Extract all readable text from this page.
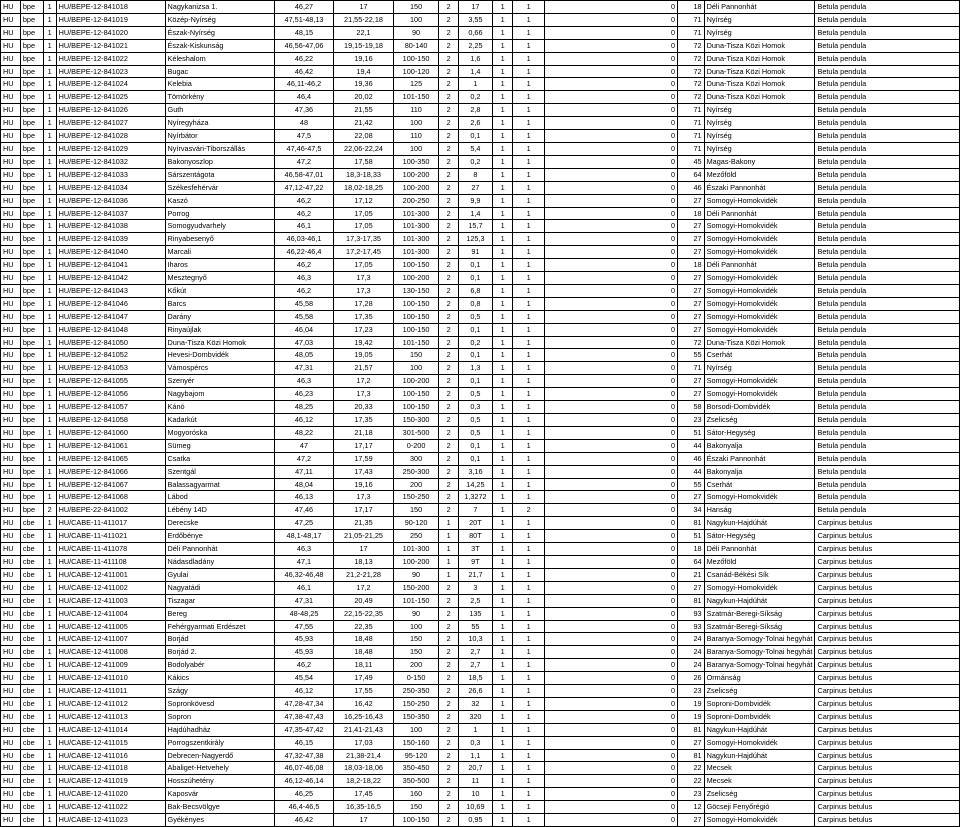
HU	bpe	1	HU/BEPE-12-841018	Nagykanizsa 1.	46,27	17	150	2	17	1	1	0	18	Déli Pannonhát	Betula pendula
HU	bpe	1	HU/BEPE-12-841019	Közép-Nyírség	47,51-48,13	21,55-22,18	100	2	3,55	1	1	0	71	Nyírség	Betula pendula
HU	bpe	1	HU/BEPE-12-841020	Észak-Nyírség	48,15	22,1	90	2	0,66	1	1	0	71	Nyírség	Betula pendula
HU	bpe	1	HU/BEPE-12-841021	Észak-Kiskunság	46,56-47,06	19,15-19,18	80-140	2	2,25	1	1	0	72	Duna-Tisza Közi Homok	Betula pendula
HU	bpe	1	HU/BEPE-12-841022	Kéleshalom	46,22	19,16	100-150	2	1,6	1	1	0	72	Duna-Tisza Közi Homok	Betula pendula
HU	bpe	1	HU/BEPE-12-841023	Bugac	46,42	19,4	100-120	2	1,4	1	1	0	72	Duna-Tisza Közi Homok	Betula pendula
HU	bpe	1	HU/BEPE-12-841024	Kelebia	46,11-46,2	19,36	125	2	1	1	1	0	72	Duna-Tisza Közi Homok	Betula pendula
HU	bpe	1	HU/BEPE-12-841025	Tömörkény	46,4	20,02	101-150	2	0,2	1	1	0	72	Duna-Tisza Közi Homok	Betula pendula
HU	bpe	1	HU/BEPE-12-841026	Guth	47,36	21,55	110	2	2,8	1	1	0	71	Nyírség	Betula pendula
HU	bpe	1	HU/BEPE-12-841027	Nyíregyháza	48	21,42	100	2	2,6	1	1	0	71	Nyírség	Betula pendula
HU	bpe	1	HU/BEPE-12-841028	Nyírbátor	47,5	22,08	110	2	0,1	1	1	0	71	Nyírség	Betula pendula
HU	bpe	1	HU/BEPE-12-841029	Nyírvasvári-Tiborszállás	47,46-47,5	22,06-22,24	100	2	5,4	1	1	0	71	Nyírség	Betula pendula
HU	bpe	1	HU/BEPE-12-841032	Bakonyoszlop	47,2	17,58	100-350	2	0,2	1	1	0	45	Magas-Bakony	Betula pendula
HU	bpe	1	HU/BEPE-12-841033	Sárszentágota	46,58-47,01	18,3-18,33	100-200	2	8	1	1	0	64	Mezőföld	Betula pendula
HU	bpe	1	HU/BEPE-12-841034	Székesfehérvár	47,12-47,22	18,02-18,25	100-200	2	27	1	1	0	46	Északi Pannonhát	Betula pendula
HU	bpe	1	HU/BEPE-12-841036	Kaszó	46,2	17,12	200-250	2	9,9	1	1	0	27	Somogyi-Homokvidék	Betula pendula
HU	bpe	1	HU/BEPE-12-841037	Porrog	46,2	17,05	101-300	2	1,4	1	1	0	18	Déli Pannonhát	Betula pendula
HU	bpe	1	HU/BEPE-12-841038	Somogyudvarhely	46,1	17,05	101-300	2	15,7	1	1	0	27	Somogyi-Homokvidék	Betula pendula
HU	bpe	1	HU/BEPE-12-841039	Rinyabesenyő	46,03-46,1	17,3-17,35	101-300	2	125,3	1	1	0	27	Somogyi-Homokvidék	Betula pendula
HU	bpe	1	HU/BEPE-12-841040	Marcali	46,22-46,4	17,2-17,45	101-300	2	91	1	1	0	27	Somogyi-Homokvidék	Betula pendula
HU	bpe	1	HU/BEPE-12-841041	Iharos	46,2	17,05	100-150	2	0,1	1	1	0	18	Déli Pannonhát	Betula pendula
HU	bpe	1	HU/BEPE-12-841042	Mesztegnyő	46,3	17,3	100-200	2	0,1	1	1	0	27	Somogyi-Homokvidék	Betula pendula
HU	bpe	1	HU/BEPE-12-841043	Kőkút	46,2	17,3	130-150	2	6,8	1	1	0	27	Somogyi-Homokvidék	Betula pendula
HU	bpe	1	HU/BEPE-12-841046	Barcs	45,58	17,28	100-150	2	0,8	1	1	0	27	Somogyi-Homokvidék	Betula pendula
HU	bpe	1	HU/BEPE-12-841047	Darány	45,58	17,35	100-150	2	0,5	1	1	0	27	Somogyi-Homokvidék	Betula pendula
HU	bpe	1	HU/BEPE-12-841048	Rinyaújlak	46,04	17,23	100-150	2	0,1	1	1	0	27	Somogyi-Homokvidék	Betula pendula
HU	bpe	1	HU/BEPE-12-841050	Duna-Tisza Közi Homok	47,03	19,42	101-150	2	0,2	1	1	0	72	Duna-Tisza Közi Homok	Betula pendula
HU	bpe	1	HU/BEPE-12-841052	Hevesi-Dombvidék	48,05	19,05	150	2	0,1	1	1	0	55	Cserhát	Betula pendula
HU	bpe	1	HU/BEPE-12-841053	Vámospércs	47,31	21,57	100	2	1,3	1	1	0	71	Nyírség	Betula pendula
HU	bpe	1	HU/BEPE-12-841055	Szenyér	46,3	17,2	100-200	2	0,1	1	1	0	27	Somogyi-Homokvidék	Betula pendula
HU	bpe	1	HU/BEPE-12-841056	Nagybajom	46,23	17,3	100-150	2	0,5	1	1	0	27	Somogyi-Homokvidék	Betula pendula
HU	bpe	1	HU/BEPE-12-841057	Kánó	48,25	20,33	100-150	2	0,3	1	1	0	58	Borsodi-Dombvidék	Betula pendula
HU	bpe	1	HU/BEPE-12-841058	Kadarkút	46,12	17,35	150-300	2	0,5	1	1	0	23	Zselicség	Betula pendula
HU	bpe	1	HU/BEPE-12-841060	Mogyoróska	48,22	21,18	301-500	2	0,5	1	1	0	51	Sátor-Hegység	Betula pendula
HU	bpe	1	HU/BEPE-12-841061	Sümeg	47	17,17	0-200	2	0,1	1	1	0	44	Bakonyalja	Betula pendula
HU	bpe	1	HU/BEPE-12-841065	Csatka	47,2	17,59	300	2	0,1	1	1	0	46	Északi Pannonhát	Betula pendula
HU	bpe	1	HU/BEPE-12-841066	Szentgál	47,11	17,43	250-300	2	3,16	1	1	0	44	Bakonyalja	Betula pendula
HU	bpe	1	HU/BEPE-12-841067	Balassagyarmat	48,04	19,16	200	2	14,25	1	1	0	55	Cserhát	Betula pendula
HU	bpe	1	HU/BEPE-12-841068	Lábod	46,13	17,3	150-250	2	1,3272	1	1	0	27	Somogyi-Homokvidék	Betula pendula
HU	bpe	2	HU/BEPE-22-841002	Lébény 14D	47,46	17,17	150	2	7	1	2	0	34	Hanság	Betula pendula
HU	cbe	1	HU/CABE-11-411017	Derecske	47,25	21,35	90-120	1	20T	1	1	0	81	Nagykun-Hajdúhát	Carpinus betulus
HU	cbe	1	HU/CABE-11-411021	Erdőbénye	48,1-48,17	21,05-21,25	250	1	80T	1	1	0	51	Sátor-Hegység	Carpinus betulus
HU	cbe	1	HU/CABE-11-411078	Déli Pannonhát	46,3	17	101-300	1	3T	1	1	0	18	Déli Pannonhát	Carpinus betulus
HU	cbe	1	HU/CABE-11-411108	Nádasdladány	47,1	18,13	100-200	1	9T	1	1	0	64	Mezőföld	Carpinus betulus
HU	cbe	1	HU/CABE-12-411001	Gyulai	46,32-46,48	21,2-21,28	90	1	21,7	1	1	0	21	Csanád-Békési Sík	Carpinus betulus
HU	cbe	1	HU/CABE-12-411002	Nagyatádi	46,1	17,2	150-200	2	3	1	1	0	27	Somogyi-Homokvidék	Carpinus betulus
HU	cbe	1	HU/CABE-12-411003	Tiszagar	47,31	20,49	101-150	2	2,5	1	1	0	81	Nagykun-Hajdúhát	Carpinus betulus
HU	cbe	1	HU/CABE-12-411004	Bereg	48-48,25	22,15-22,35	90	2	135	1	1	0	93	Szatmár-Beregi-Síkság	Carpinus betulus
HU	cbe	1	HU/CABE-12-411005	Fehérgyarmati Erdészet	47,55	22,35	100	2	55	1	1	0	93	Szatmár-Beregi-Síkság	Carpinus betulus
HU	cbe	1	HU/CABE-12-411007	Borjád	45,93	18,48	150	2	10,3	1	1	0	24	Baranya-Somogy-Tolnai hegyhát	Carpinus betulus
HU	cbe	1	HU/CABE-12-411008	Borjád 2.	45,93	18,48	150	2	2,7	1	1	0	24	Baranya-Somogy-Tolnai hegyhát	Carpinus betulus
HU	cbe	1	HU/CABE-12-411009	Bodolyabér	46,2	18,11	200	2	2,7	1	1	0	24	Baranya-Somogy-Tolnai hegyhát	Carpinus betulus
HU	cbe	1	HU/CABE-12-411010	Kákics	45,54	17,49	0-150	2	18,5	1	1	0	26	Ormánság	Carpinus betulus
HU	cbe	1	HU/CABE-12-411011	Szágy	46,12	17,55	250-350	2	26,6	1	1	0	23	Zselicség	Carpinus betulus
HU	cbe	1	HU/CABE-12-411012	Sopronkövesd	47,28-47,34	16,42	150-250	2	32	1	1	0	19	Soproni-Dombvidék	Carpinus betulus
HU	cbe	1	HU/CABE-12-411013	Sopron	47,38-47,43	16,25-16,43	150-350	2	320	1	1	0	19	Soproni-Dombvidék	Carpinus betulus
HU	cbe	1	HU/CABE-12-411014	Hajdúhadház	47,35-47,42	21,41-21,43	100	2	1	1	1	0	81	Nagykun-Hajdúhát	Carpinus betulus
HU	cbe	1	HU/CABE-12-411015	Porrogszentkirály	46,15	17,03	150-160	2	0,3	1	1	0	27	Somogyi-Homokvidék	Carpinus betulus
HU	cbe	1	HU/CABE-12-411016	Debrecen-Nagyerdő	47,32-47,38	21,38-21,4	95-120	2	1,1	1	1	0	81	Nagykun-Hajdúhát	Carpinus betulus
HU	cbe	1	HU/CABE-12-411018	Abaliget-Hetvehely	46,07-46,08	18,03-18,06	350-450	2	20,7	1	1	0	22	Mecsek	Carpinus betulus
HU	cbe	1	HU/CABE-12-411019	Hosszúhetény	46,12-46,14	18,2-18,22	350-500	2	11	1	1	0	22	Mecsek	Carpinus betulus
HU	cbe	1	HU/CABE-12-411020	Kaposvár	46,25	17,45	160	2	10	1	1	0	23	Zselicség	Carpinus betulus
HU	cbe	1	HU/CABE-12-411022	Bak-Becsvölgye	46,4-46,5	16,35-16,5	150	2	10,69	1	1	0	12	Göcseji Fenyőrégió	Carpinus betulus
HU	cbe	1	HU/CABE-12-411023	Gyékényes	46,42	17	100-150	2	0,95	1	1	0	27	Somogyi-Homokvidék	Carpinus betulus
